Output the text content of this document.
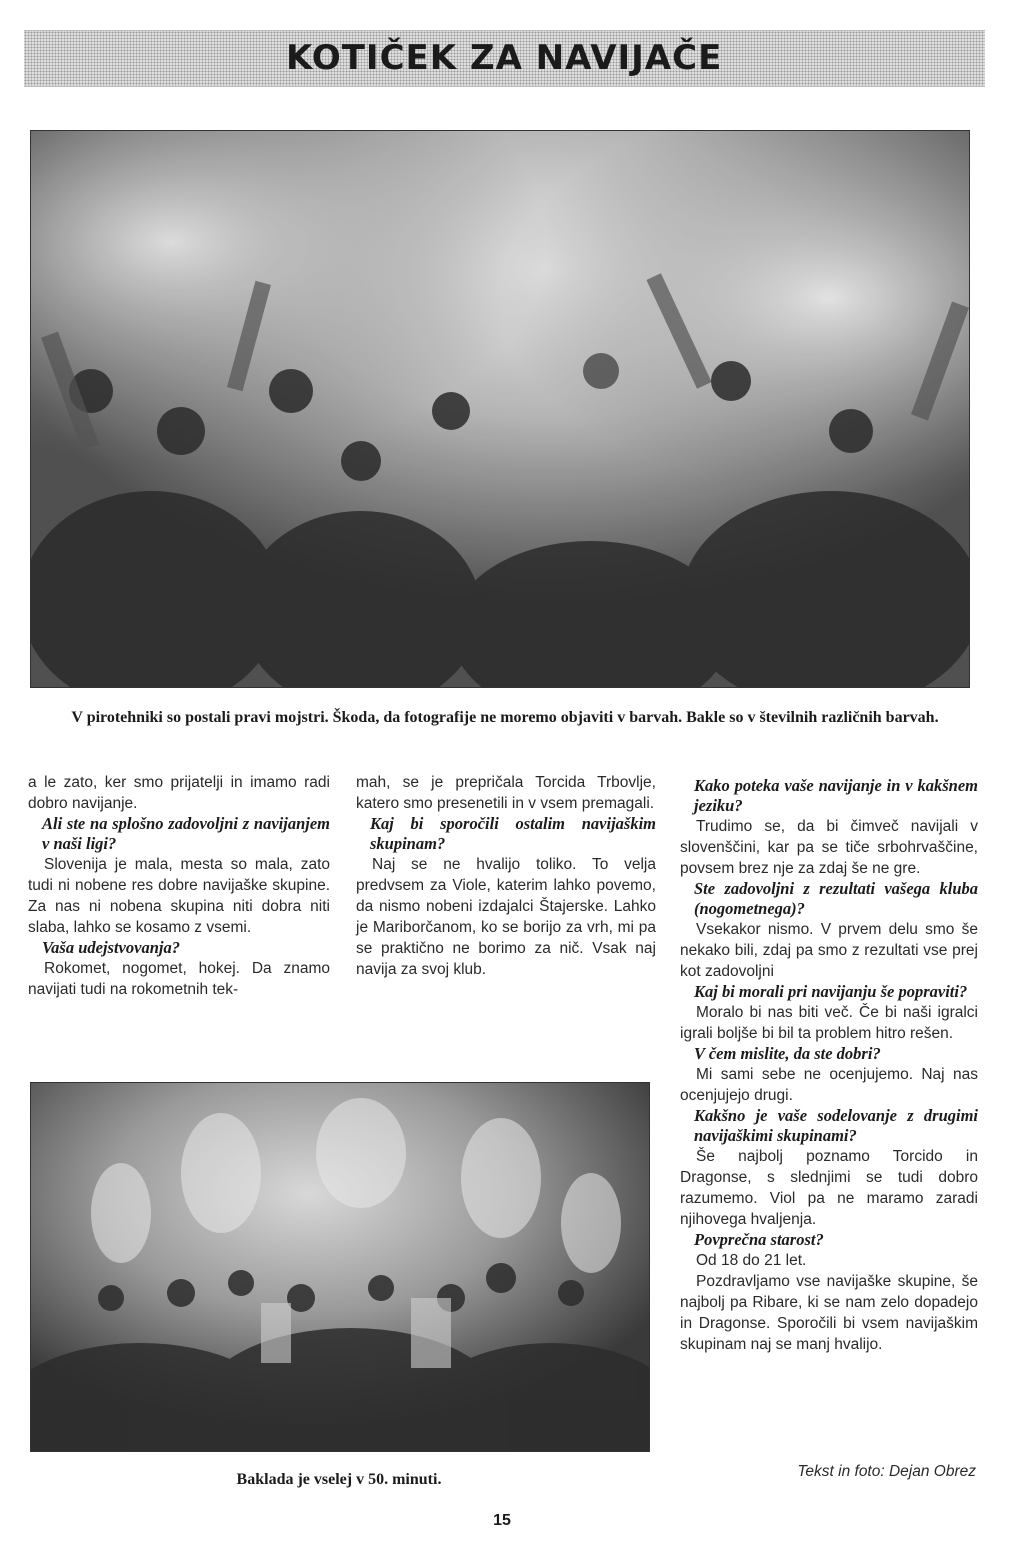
KOTIČEK ZA NAVIJAČE
V pirotehniki so postali pravi mojstri. Škoda, da fotografije ne moremo objaviti v barvah. Bakle so v številnih različnih barvah.

a le zato, ker smo prijatelji in imamo radi dobro navijanje.

Ali ste na splošno zadovoljni z navijanjem v naši ligi?

Slovenija je mala, mesta so mala, zato tudi ni nobene res dobre navijaške skupine. Za nas ni nobena skupina niti dobra niti slaba, lahko se kosamo z vsemi.

Vaša udejstvovanja?

Rokomet, nogomet, hokej. Da znamo navijati tudi na rokometnih tek-

mah, se je prepričala Torcida Trbovlje, katero smo presenetili in v vsem premagali.

Kaj bi sporočili ostalim navijaškim skupinam?

Naj se ne hvalijo toliko. To velja predvsem za Viole, katerim lahko povemo, da nismo nobeni izdajalci Štajerske. Lahko je Mariborčanom, ko se borijo za vrh, mi pa se praktično ne borimo za nič. Vsak naj navija za svoj klub.

Baklada je vselej v 50. minuti.

Kako poteka vaše navijanje in v kakšnem jeziku?

Trudimo se, da bi čimveč navijali v slovenščini, kar pa se tiče srbohrvaščine, povsem brez nje za zdaj še ne gre.

Ste zadovoljni z rezultati vašega kluba (nogometnega)?

Vsekakor nismo. V prvem delu smo še nekako bili, zdaj pa smo z rezultati vse prej kot zadovoljni

Kaj bi morali pri navijanju še popraviti?

Moralo bi nas biti več. Če bi naši igralci igrali boljše bi bil ta problem hitro rešen.

V čem mislite, da ste dobri?

Mi sami sebe ne ocenjujemo. Naj nas ocenjujejo drugi.

Kakšno je vaše sodelovanje z drugimi navijaškimi skupinami?

Še najbolj poznamo Torcido in Dragonse, s slednjimi se tudi dobro razumemo. Viol pa ne maramo zaradi njihovega hvaljenja.

Povprečna starost?

Od 18 do 21 let.

Pozdravljamo vse navijaške skupine, še najbolj pa Ribare, ki se nam zelo dopadejo in Dragonse. Sporočili bi vsem navijaškim skupinam naj se manj hvalijo.

Tekst in foto: Dejan Obrez
15
